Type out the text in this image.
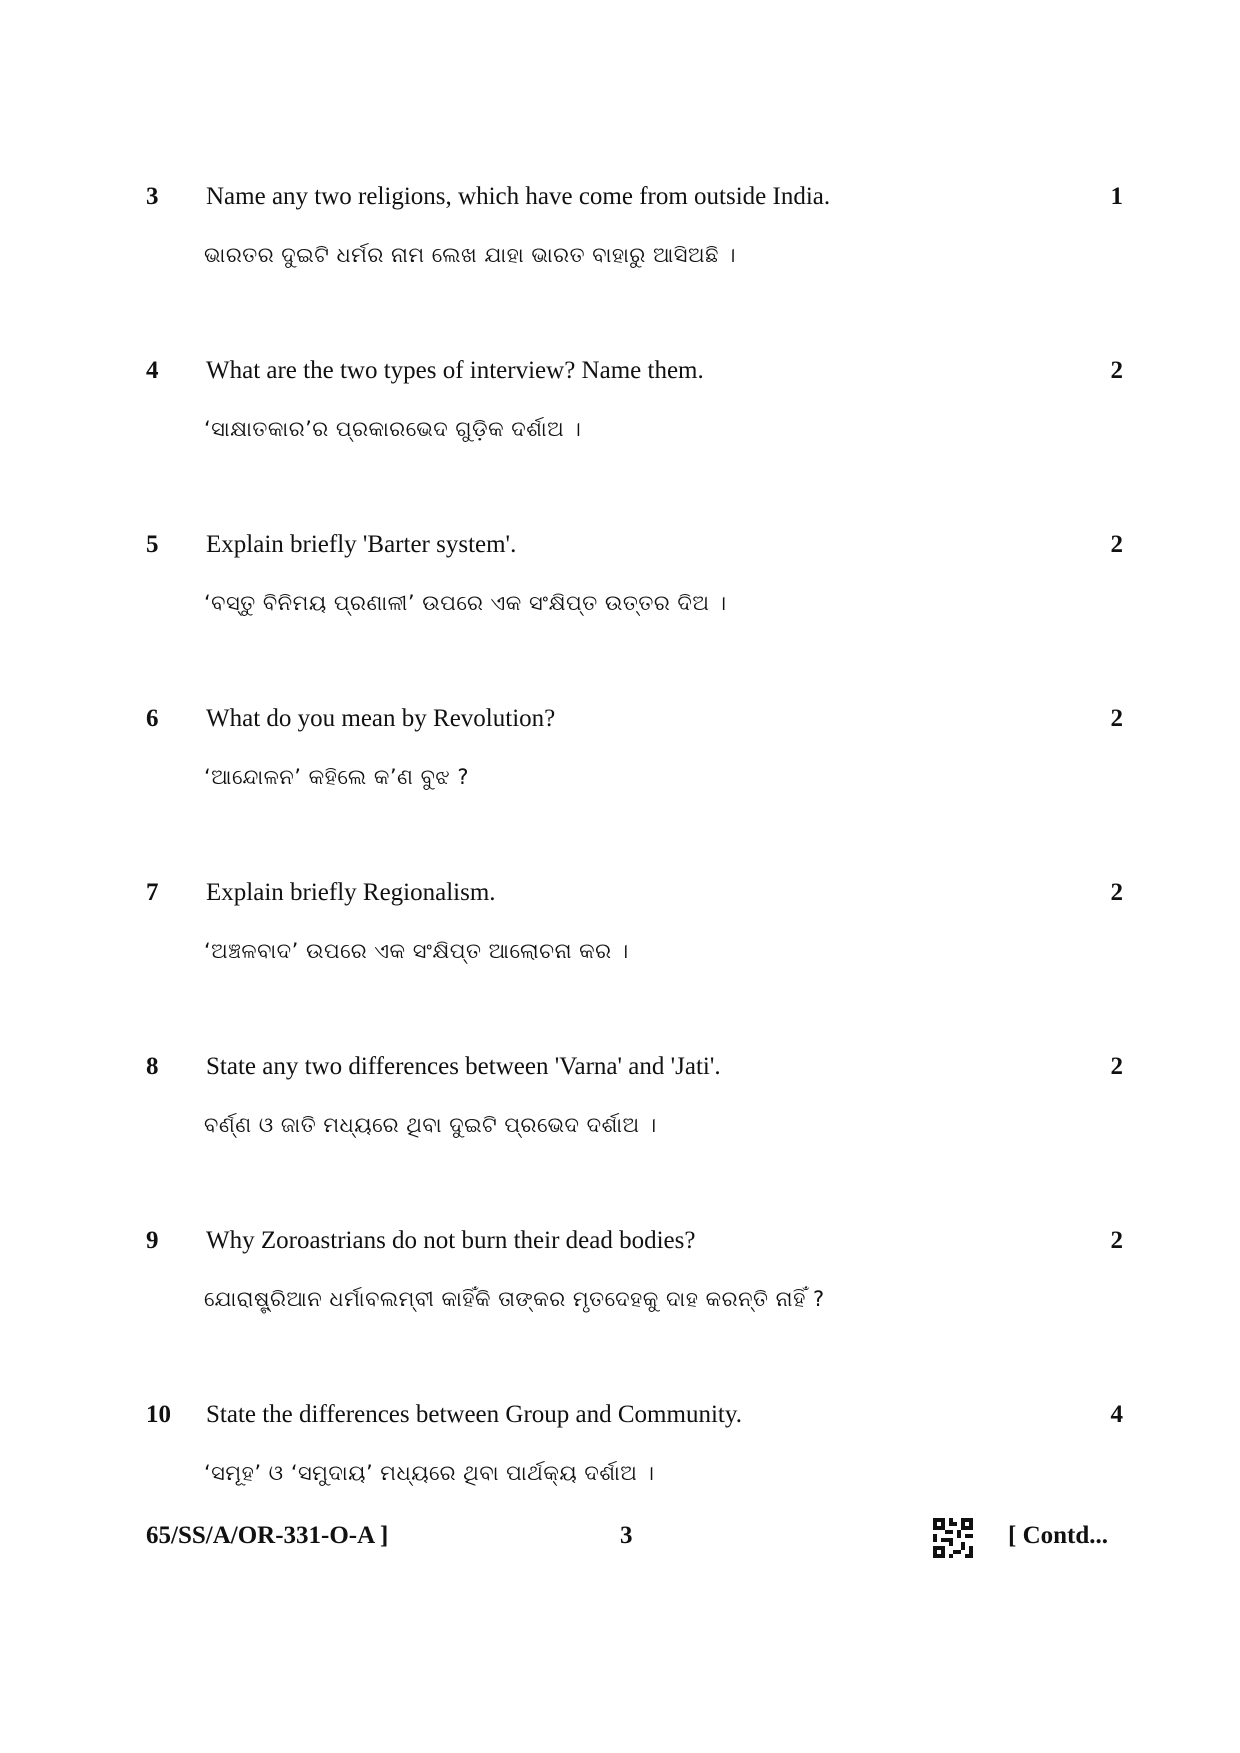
3 Name any two religions, which have come from outside India.	1
ଭାରତର ଦୁଇଟି ଧର୍ମର ନାମ ଲେଖ ଯାହା ଭାରତ ବାହାରୁ ଆସିଅଛି ।
4 What are the two types of interview? Name them.	2
‘ସାକ୍ଷାତକାର’ର ପ୍ରକାରଭେଦ ଗୁଡ଼ିକ ଦର୍ଶାଅ ।
5 Explain briefly 'Barter system'.	2
‘ବସ୍ତୁ ବିନିମୟ ପ୍ରଣାଳୀ’ ଉପରେ ଏକ ସଂକ୍ଷିପ୍ତ ଉତ୍ତର ଦିଅ ।
6 What do you mean by Revolution?	2
‘ଆନ୍ଦୋଳନ’ କହିଲେ କ’ଣ ବୁଝ ?
7 Explain briefly Regionalism.	2
‘ଅଞ୍ଚଳବାଦ’ ଉପରେ ଏକ ସଂକ୍ଷିପ୍ତ ଆଲୋଚନା କର ।
8 State any two differences between 'Varna' and 'Jati'.	2
ବର୍ଣ୍ଣ ଓ ଜାତି ମଧ୍ୟରେ ଥିବା ଦୁଇଟି ପ୍ରଭେଦ ଦର୍ଶାଅ ।
9 Why Zoroastrians do not burn their dead bodies?	2
ଯୋରାଷ୍ଟ୍ରିଆନ ଧର୍ମାବଲମ୍ବୀ କାହିଁକି ତାଙ୍କର ମୃତଦେହକୁ ଦାହ କରନ୍ତି ନାହିଁ ?
10 State the differences between Group and Community.	4
‘ସମୂହ’ ଓ ‘ସମୁଦାୟ’ ମଧ୍ୟରେ ଥିବା ପାର୍ଥକ୍ୟ ଦର୍ଶାଅ ।
65/SS/A/OR-331-O-A ]	3	[ Contd...
